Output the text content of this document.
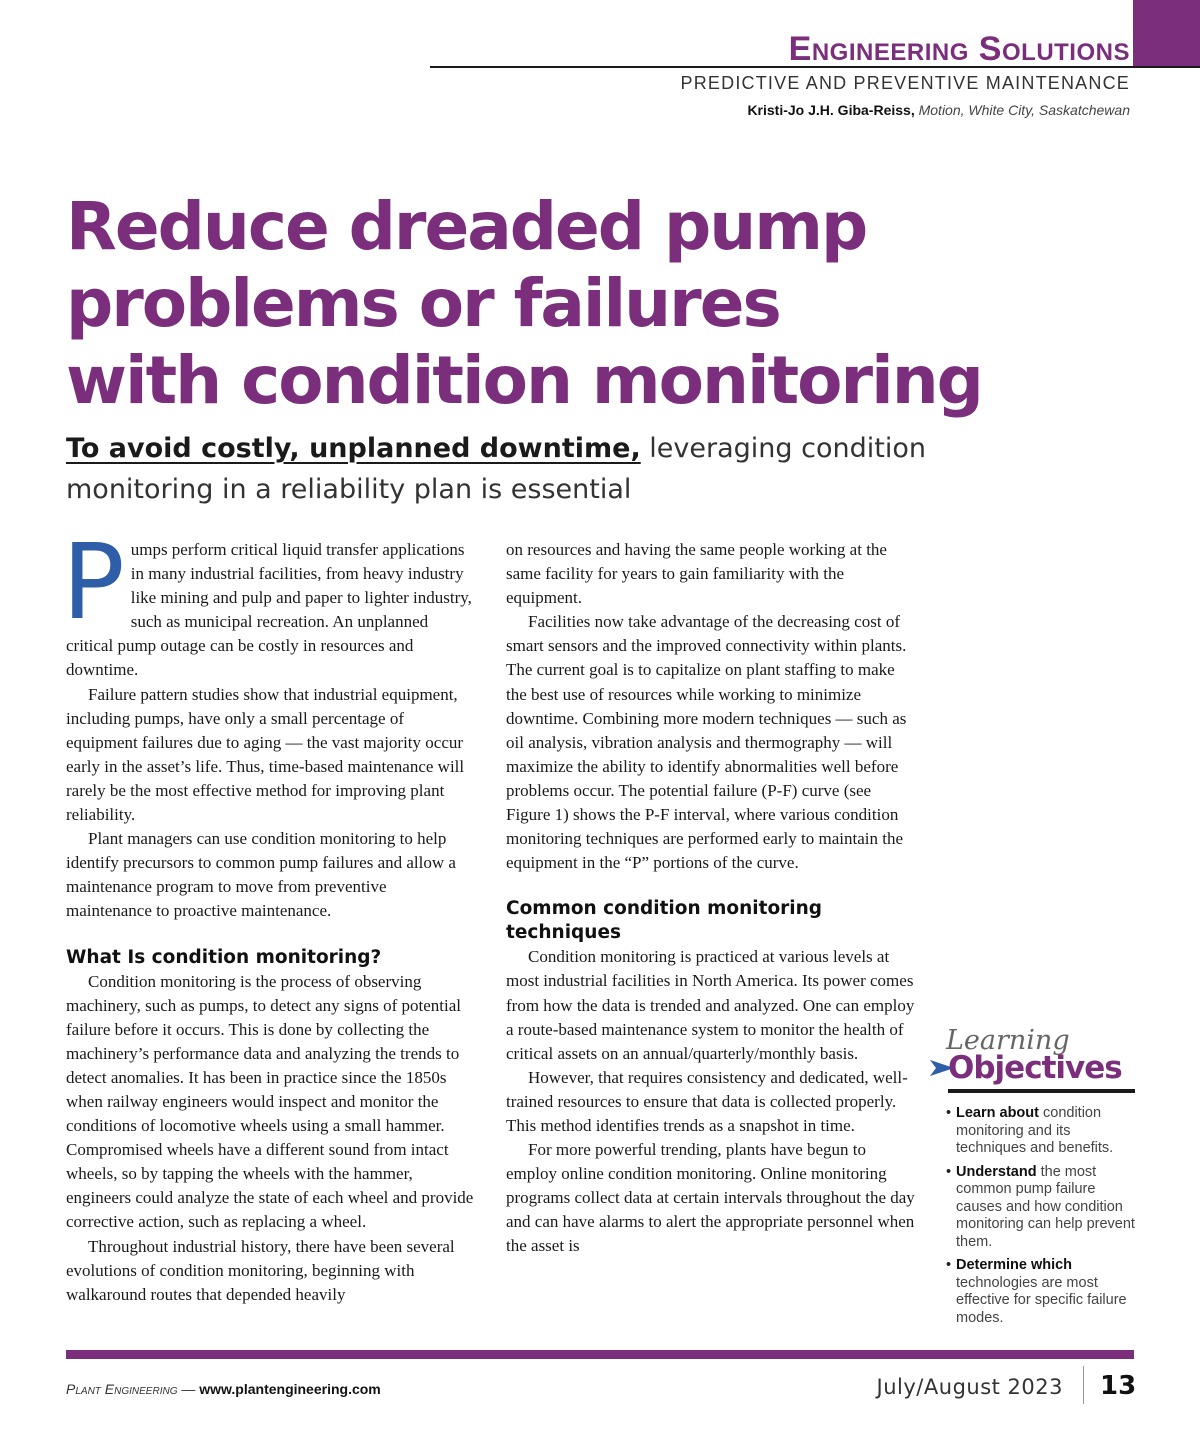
Engineering Solutions
PREDICTIVE AND PREVENTIVE MAINTENANCE
Kristi-Jo J.H. Giba-Reiss, Motion, White City, Saskatchewan
Reduce dreaded pump
problems or failures
with condition monitoring

To avoid costly, unplanned downtime, leveraging condition monitoring in a reliability plan is essential

Pumps perform critical liquid transfer applications in many industrial facilities, from heavy industry like mining and pulp and paper to lighter industry, such as municipal recreation. An unplanned critical pump outage can be costly in resources and downtime.

Failure pattern studies show that industrial equipment, including pumps, have only a small percentage of equipment failures due to aging — the vast majority occur early in the asset’s life. Thus, time-based maintenance will rarely be the most effective method for improving plant reliability.

Plant managers can use condition monitoring to help identify precursors to common pump failures and allow a maintenance program to move from preventive maintenance to proactive maintenance.

What Is condition monitoring?

Condition monitoring is the process of observing machinery, such as pumps, to detect any signs of potential failure before it occurs. This is done by collecting the machinery’s performance data and analyzing the trends to detect anomalies. It has been in practice since the 1850s when railway engineers would inspect and monitor the conditions of locomotive wheels using a small hammer. Compromised wheels have a different sound from intact wheels, so by tapping the wheels with the hammer, engineers could analyze the state of each wheel and provide corrective action, such as replacing a wheel.

Throughout industrial history, there have been several evolutions of condition monitoring, beginning with walkaround routes that depended heavily

on resources and having the same people working at the same facility for years to gain familiarity with the equipment.

Facilities now take advantage of the decreasing cost of smart sensors and the improved connectivity within plants. The current goal is to capitalize on plant staffing to make the best use of resources while working to minimize downtime. Combining more modern techniques — such as oil analysis, vibration analysis and thermography — will maximize the ability to identify abnormalities well before problems occur. The potential failure (P-F) curve (see Figure 1) shows the P-F interval, where various condition monitoring techniques are performed early to maintain the equipment in the “P” portions of the curve.

Common condition monitoring techniques

Condition monitoring is practiced at various levels at most industrial facilities in North America. Its power comes from how the data is trended and analyzed. One can employ a route-based maintenance system to monitor the health of critical assets on an annual/quarterly/monthly basis.

However, that requires consistency and dedicated, well-trained resources to ensure that data is collected properly. This method identifies trends as a snapshot in time.

For more powerful trending, plants have begun to employ online condition monitoring. Online monitoring programs collect data at certain intervals throughout the day and can have alarms to alert the appropriate personnel when the asset is

Learning
Objectives
• Learn about condition monitoring and its techniques and benefits.
• Understand the most common pump failure causes and how condition monitoring can help prevent them.
• Determine which technologies are most effective for specific failure modes.
Plant Engineering — www.plantengineering.com	July/August 2023 13
